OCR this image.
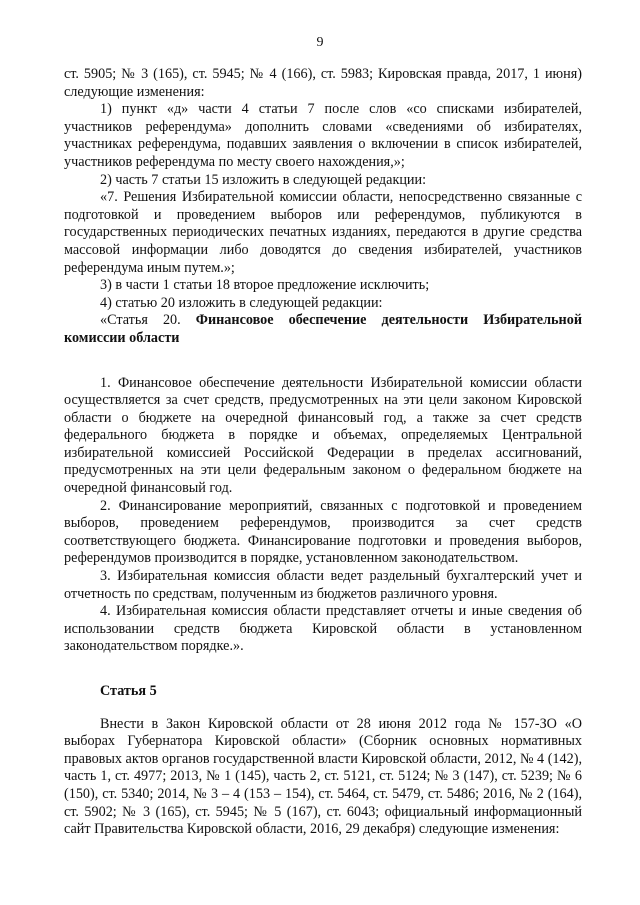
9

ст. 5905; № 3 (165), ст. 5945; № 4 (166), ст. 5983; Кировская правда, 2017, 1 июня) следующие изменения:

1) пункт «д» части 4 статьи 7 после слов «со списками избирателей, участников референдума» дополнить словами «сведениями об избирателях, участниках референдума, подавших заявления о включении в список избирателей, участников референдума по месту своего нахождения,»;

2) часть 7 статьи 15 изложить в следующей редакции:

«7. Решения Избирательной комиссии области, непосредственно связанные с подготовкой и проведением выборов или референдумов, публикуются в государственных периодических печатных изданиях, передаются в другие средства массовой информации либо доводятся до сведения избирателей, участников референдума иным путем.»;

3) в части 1 статьи 18 второе предложение исключить;

4) статью 20 изложить в следующей редакции:

«Статья 20. Финансовое обеспечение деятельности Избирательной комиссии области

1. Финансовое обеспечение деятельности Избирательной комиссии области осуществляется за счет средств, предусмотренных на эти цели законом Кировской области о бюджете на очередной финансовый год, а также за счет средств федерального бюджета в порядке и объемах, определяемых Центральной избирательной комиссией Российской Федерации в пределах ассигнований, предусмотренных на эти цели федеральным законом о федеральном бюджете на очередной финансовый год.

2. Финансирование мероприятий, связанных с подготовкой и проведением выборов, проведением референдумов, производится за счет средств соответствующего бюджета. Финансирование подготовки и проведения выборов, референдумов производится в порядке, установленном законодательством.

3. Избирательная комиссия области ведет раздельный бухгалтерский учет и отчетность по средствам, полученным из бюджетов различного уровня.

4. Избирательная комиссия области представляет отчеты и иные сведения об использовании средств бюджета Кировской области в установленном законодательством порядке.».

Статья 5

Внести в Закон Кировской области от 28 июня 2012 года № 157-ЗО «О выборах Губернатора Кировской области» (Сборник основных нормативных правовых актов органов государственной власти Кировской области, 2012, № 4 (142), часть 1, ст. 4977; 2013, № 1 (145), часть 2, ст. 5121, ст. 5124; № 3 (147), ст. 5239; № 6 (150), ст. 5340; 2014, № 3 – 4 (153 – 154), ст. 5464, ст. 5479, ст. 5486; 2016, № 2 (164), ст. 5902; № 3 (165), ст. 5945; № 5 (167), ст. 6043; официальный информационный сайт Правительства Кировской области, 2016, 29 декабря) следующие изменения:
